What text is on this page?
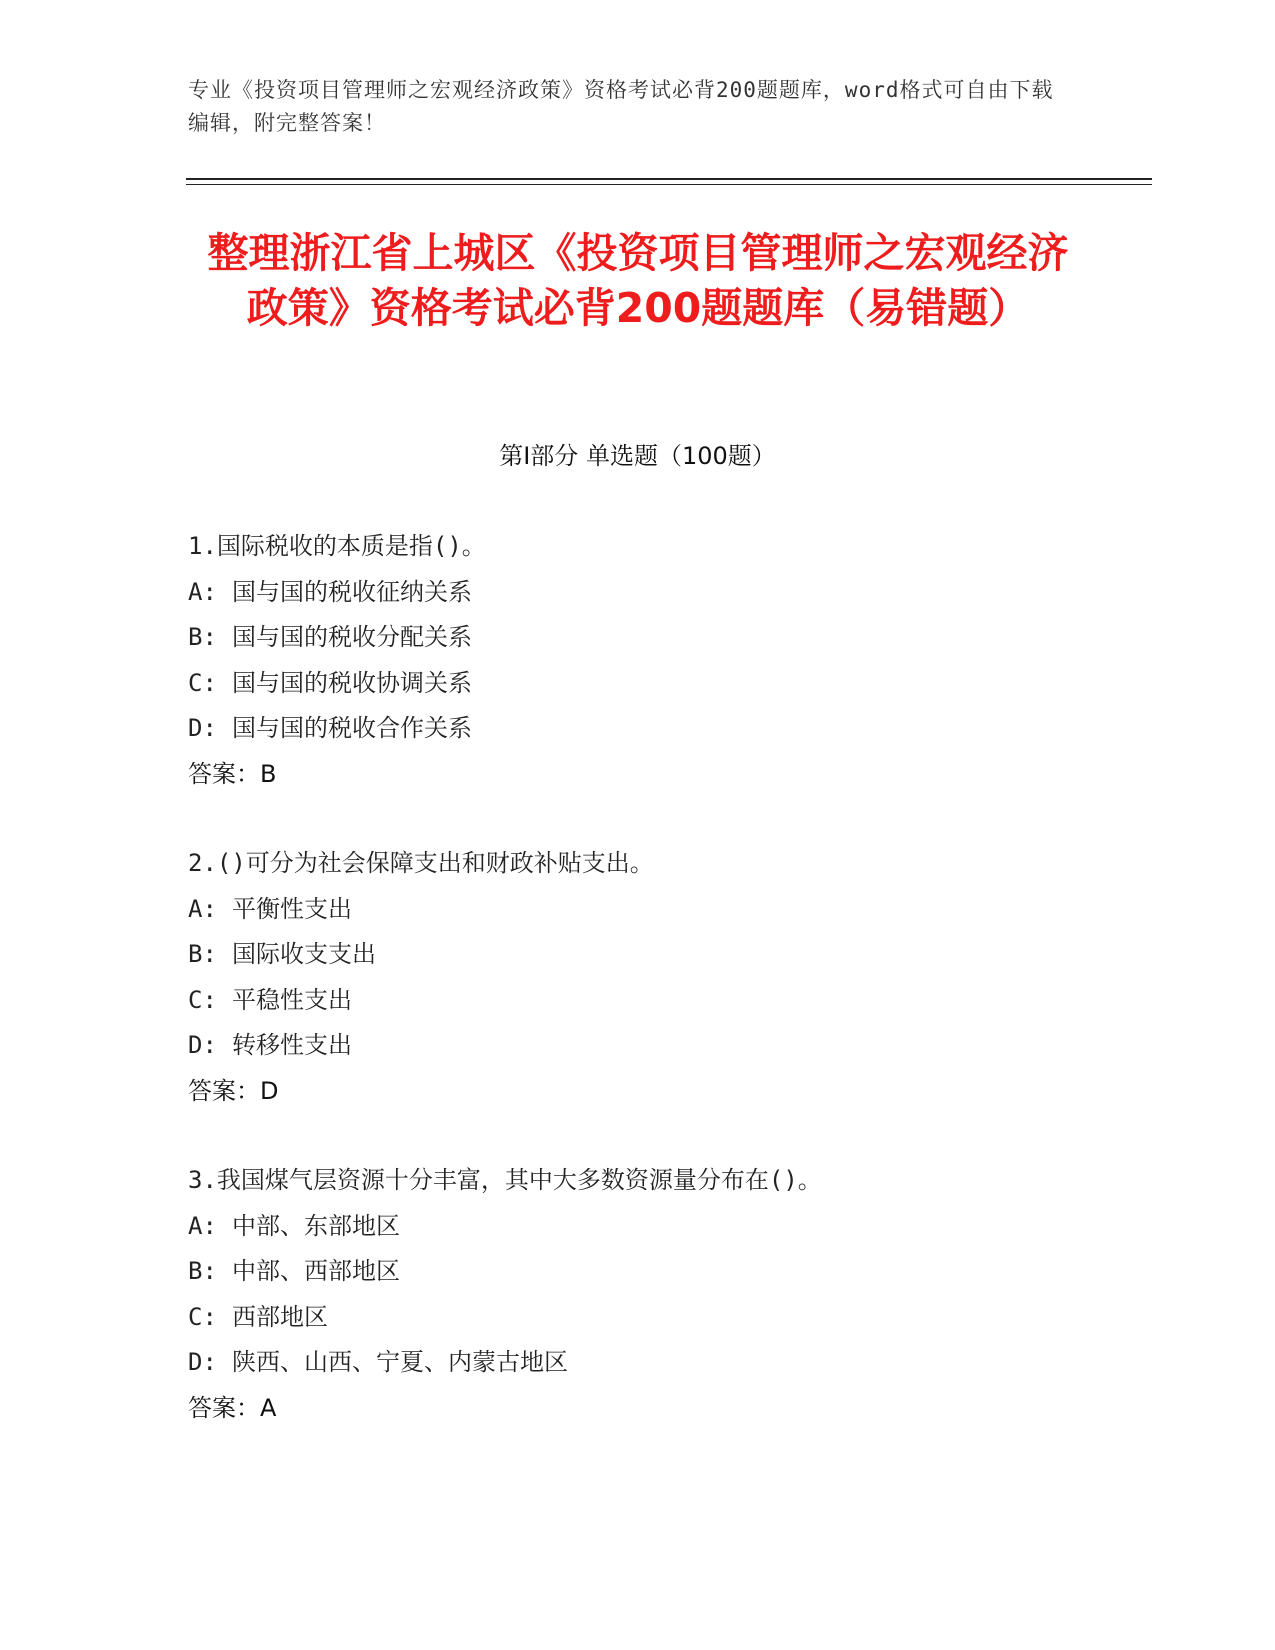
专业《投资项目管理师之宏观经济政策》资格考试必背200题题库，word格式可自由下载编辑，附完整答案！
整理浙江省上城区《投资项目管理师之宏观经济政策》资格考试必背200题题库（易错题）
第I部分 单选题（100题）
1.国际税收的本质是指()。
A: 国与国的税收征纳关系
B: 国与国的税收分配关系
C: 国与国的税收协调关系
D: 国与国的税收合作关系
答案：B
2.()可分为社会保障支出和财政补贴支出。
A: 平衡性支出
B: 国际收支支出
C: 平稳性支出
D: 转移性支出
答案：D
3.我国煤气层资源十分丰富，其中大多数资源量分布在()。
A: 中部、东部地区
B: 中部、西部地区
C: 西部地区
D: 陕西、山西、宁夏、内蒙古地区
答案：A
